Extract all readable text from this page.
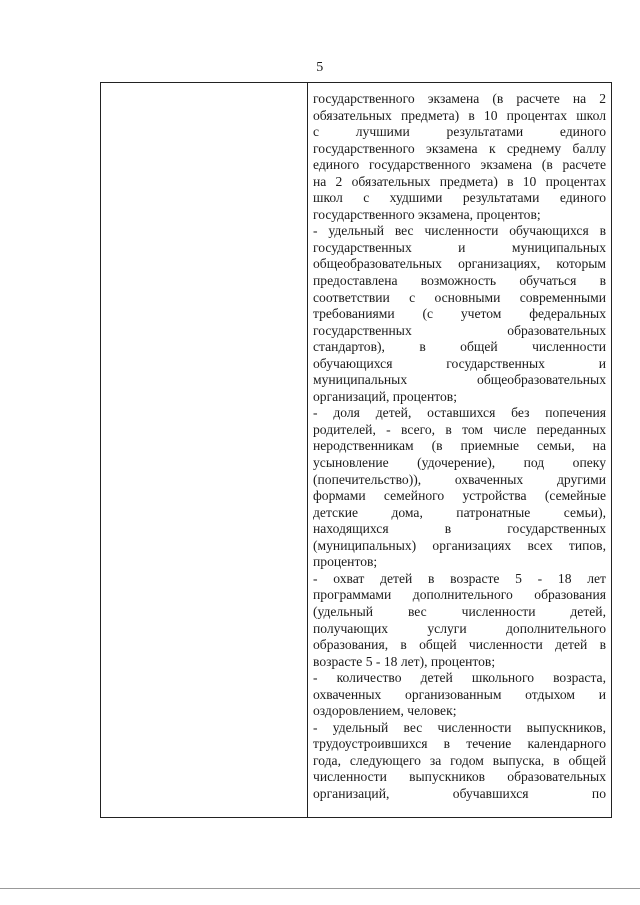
5
государственного экзамена (в расчете на 2
обязательных предмета) в 10 процентах школ
с лучшими результатами единого
государственного экзамена к среднему баллу
единого государственного экзамена (в расчете
на 2 обязательных предмета) в 10 процентах
школ с худшими результатами единого
государственного экзамена, процентов;
- удельный вес численности обучающихся в
государственных и муниципальных
общеобразовательных организациях, которым
предоставлена возможность обучаться в
соответствии с основными современными
требованиями (с учетом федеральных
государственных образовательных
стандартов), в общей численности
обучающихся государственных и
муниципальных общеобразовательных
организаций, процентов;
- доля детей, оставшихся без попечения
родителей, - всего, в том числе переданных
неродственникам (в приемные семьи, на
усыновление (удочерение), под опеку
(попечительство)), охваченных другими
формами семейного устройства (семейные
детские дома, патронатные семьи),
находящихся в государственных
(муниципальных) организациях всех типов,
процентов;
- охват детей в возрасте 5 - 18 лет
программами дополнительного образования
(удельный вес численности детей,
получающих услуги дополнительного
образования, в общей численности детей в
возрасте 5 - 18 лет), процентов;
- количество детей школьного возраста,
охваченных организованным отдыхом и
оздоровлением, человек;
- удельный вес численности выпускников,
трудоустроившихся в течение календарного
года, следующего за годом выпуска, в общей
численности выпускников образовательных
организаций, обучавшихся по
